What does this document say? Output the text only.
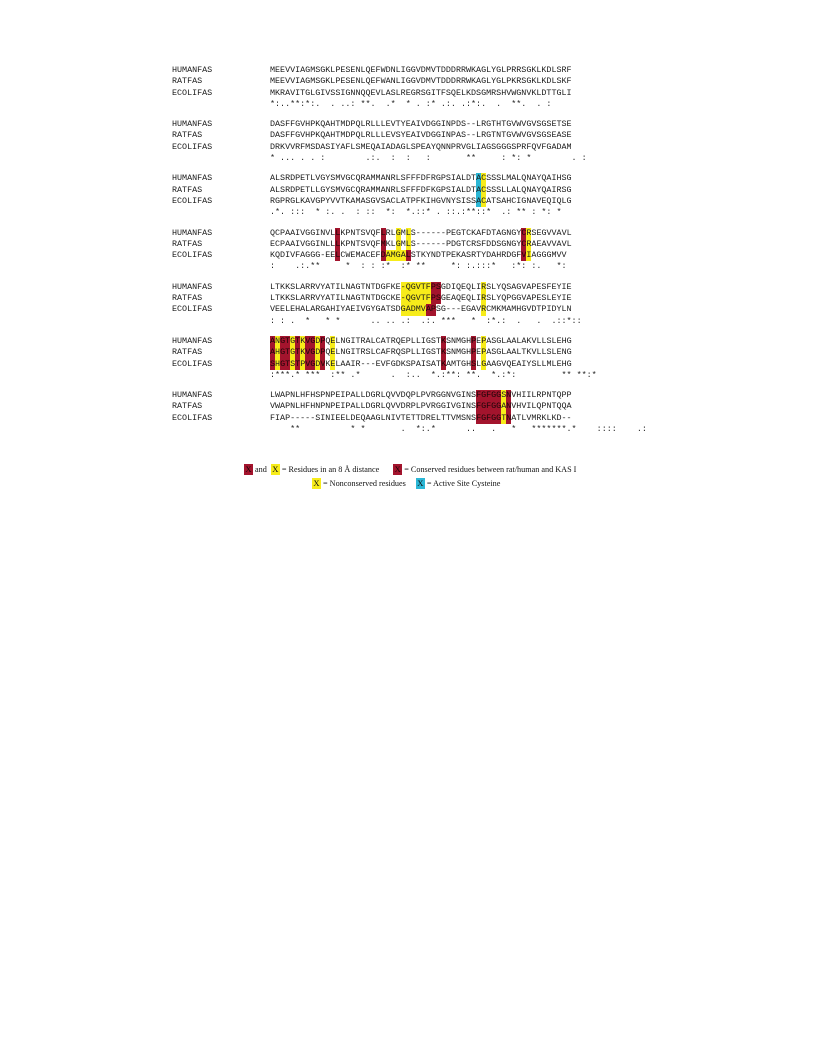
HUMANFAS	MEEVVIAGMSGKLPESENLQEFWDNLIGGVDMVTDDDRRWKAGLYGLPRRSGKLKDLSRF
RATFAS	MEEVVIAGMSGKLPESENLQEFWANLIGGVDMVTDDDRRWKAGLYGLPKRSGKLKDLSKF
ECOLIFAS	MKRAVITGLGIVSSIGNNQQEVLASLREGRSGITFSQELKDSGMRSHVWGNVKLDTTGLI
*:..**:*:.  . ..: **.  .*  * . :* .:. .:*:.  .  **.  . :
HUMANFAS	DASFFGVHPKQAHTMDPQLRLLLEVTYEAIVDGGINPDS--LRGTHTGVWVGVSGSETSE
RATFAS	DASFFGVHPKQAHTMDPQLRLLLEVSYEAIVDGGINPAS--LRGTNTGVWVGVSGSEASE
ECOLIFAS	DRKVVRFMSDASIYAFLSMEQAIADAGLSPEAYQNNPRVGLIAGSGGGSPRFQVFGADAM
* ... . . :        .:.  :  :   :       **     : *: *        . :
HUMANFAS	ALSRDPETLVGYSMVGCQRAMMANRLSFFFDFRGPSIALDTACSSSLMALQNAYQAIHSG
RATFAS	ALSRDPETLLGYSMVGCQRAMMANRLSFFFDFKGPSIALDTACSSSLLALQNAYQAIRSG
ECOLIFAS	RGPRGLKAVGPYVVTKAMASGVSACLATPFKIHGVNYSISSACATSAHCIGNAVEQIQLG
.*. :::  * :. .  : ::  *:  *.::* . ::.:**::*  .: ** : *: *
HUMANFAS	QCPAAIVGGINVLLKPNTSVQFLRLGMLS------PEGTCKAFDTAGNGYCRSEGVVAVL
RATFAS	ECPAAIVGGINLLLKPNTSVQFMKLGMLS------PDGTCRSFDDSGNGYCRAEAVVAVL
ECOLIFAS	KQDIVFAGGG-EELCWEMACEFDAMGALSTKYNDTPEKASRTYDAHRDGFVIAGGGMVV
:    .:.**     *  : : :*  :* **     *: :.:::*   :*: :.   *:
HUMANFAS	LTKKSLARRVYATILNAGTNTDGFKE-QGVTFPSGDIQEQLIRSLYQSAGVAPESFEYIE
RATFAS	LTKKSLARRVYATILNAGTNTDGCKE-QGVTFPSGEAQEQLIRSLYQPGGVAPESLEYIE
ECOLIFAS	VEELEHALARGAHIYAEIVGYGATSDGADMVAPSG---EGAVRCMKMAMHGVDTPIDYLN
: : .  *   * *      .. .. .:  .:. ***   *  :*.:  .   .  .::*::
HUMANFAS	ANGTGTKVGDPQELNGITRALCATRQEPLLIGSTKSNMGHPEPASGLAALAKVLLSLEHG
RATFAS	AHGTGTKVGDPQELNGITRSLCAFRQSPLLIGSTKSNMGHPEPASGLAALTKVLLSLENG
ECOLIFAS	SHGTSTPVGDVKELAAIR---EVFGDKSPAISATKAMTGHSLGAAGVQEAIYSLLMLEHG
:***.* ***  :** .*      .  :..  *.:**: **.  *.:*:         ** **:*
HUMANFAS	LWAPNLHFHSPNPEIPALLDGRLQVVDQPLPVRGGNVGINSFGFGGSNVHIILRPNTQPP
RATFAS	VWAPNLHFHNPNPEIPALLDGRLQVVDRPLPVRGGIVGINSFGFGGANVHVILQPNTQQA
ECOLIFAS	FIAP-----SINIEELDEQAAGLNIVTETTDRELTTVMSNSFGFGGTNATLVMRKLKD--
**          * *       .  *:.*      ..   .   *   *******.*    ::::    .:
X and X = Residues in an 8 Å distance X = Conserved residues between rat/human and KAS I
X = Nonconserved residues X = Active Site Cysteine
